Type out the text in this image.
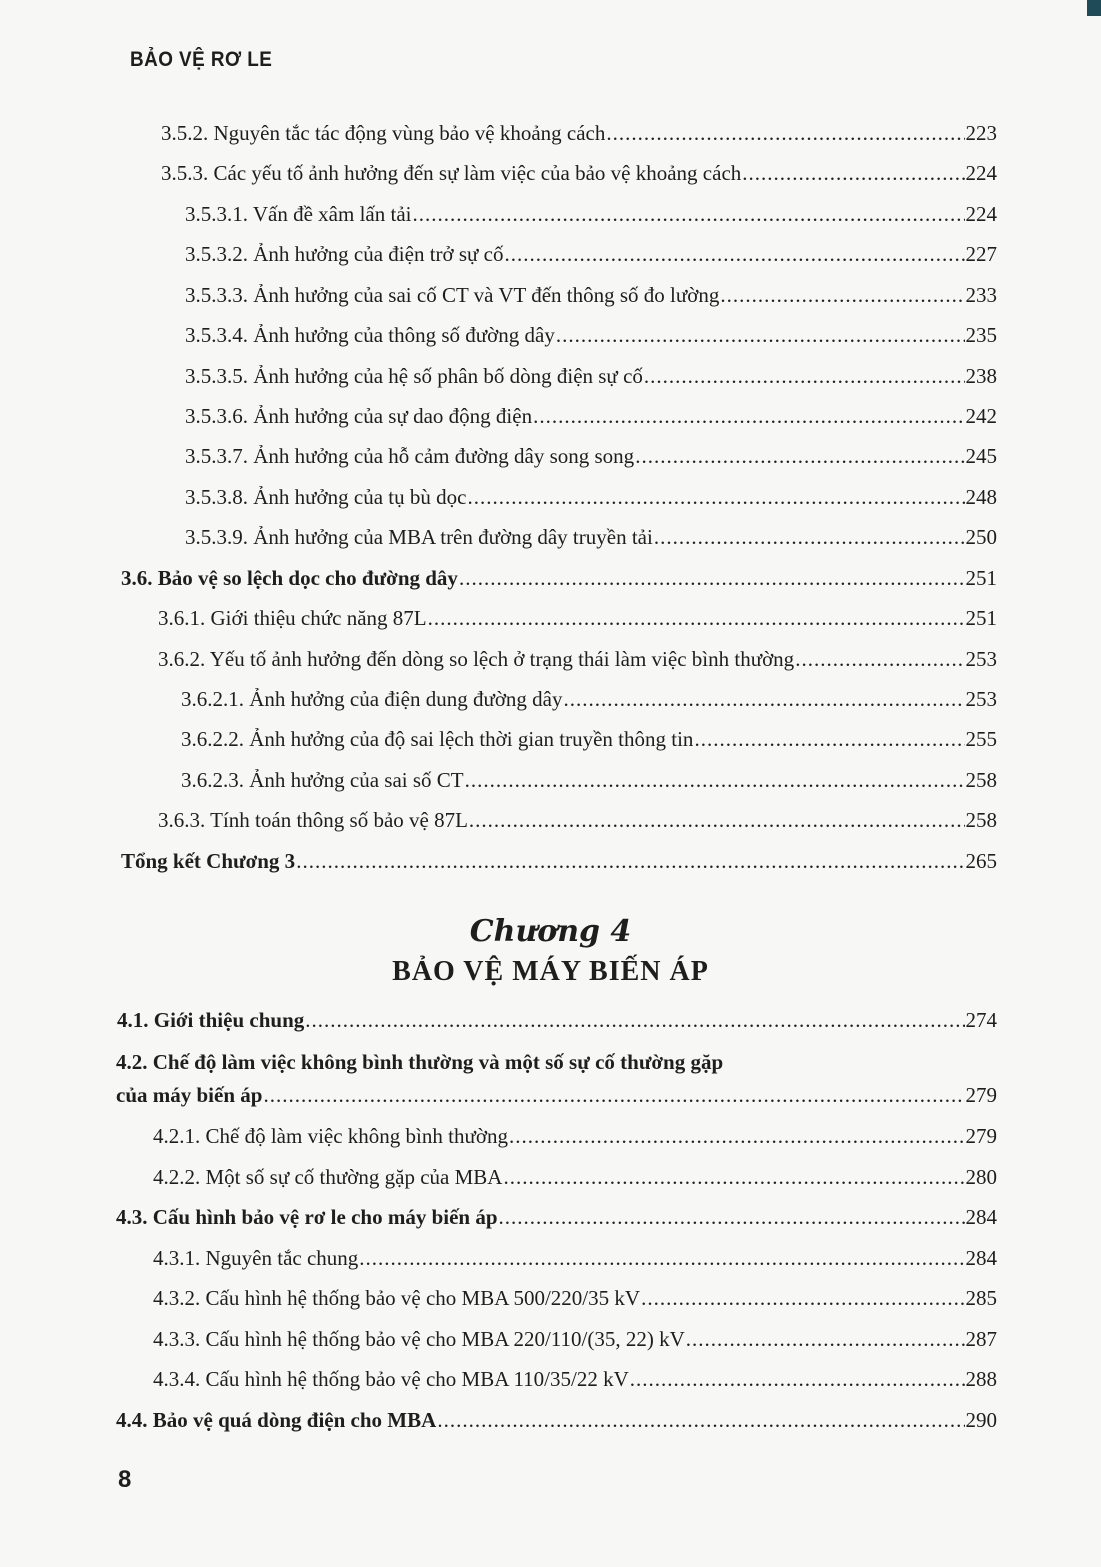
BẢO VỆ RƠ LE
3.5.2. Nguyên tắc tác động vùng bảo vệ khoảng cách .....	223
3.5.3. Các yếu tố ảnh hưởng đến sự làm việc của bảo vệ khoảng cách .....	224
3.5.3.1. Vấn đề xâm lấn tải .....	224
3.5.3.2. Ảnh hưởng của điện trở sự cố .....	227
3.5.3.3. Ảnh hưởng của sai cố CT và VT đến thông số đo lường .....	233
3.5.3.4. Ảnh hưởng của thông số đường dây .....	235
3.5.3.5. Ảnh hưởng của hệ số phân bố dòng điện sự cố .....	238
3.5.3.6. Ảnh hưởng của sự dao động điện .....	242
3.5.3.7. Ảnh hưởng của hỗ cảm đường dây song song .....	245
3.5.3.8. Ảnh hưởng của tụ bù dọc .....	248
3.5.3.9. Ảnh hưởng của MBA trên đường dây truyền tải .....	250
3.6. Bảo vệ so lệch dọc cho đường dây .....	251
3.6.1. Giới thiệu chức năng 87L .....	251
3.6.2. Yếu tố ảnh hưởng đến dòng so lệch ở trạng thái làm việc bình thường .....	253
3.6.2.1. Ảnh hưởng của điện dung đường dây .....	253
3.6.2.2. Ảnh hưởng của độ sai lệch thời gian truyền thông tin .....	255
3.6.2.3. Ảnh hưởng của sai số CT .....	258
3.6.3. Tính toán thông số bảo vệ 87L .....	258
Tổng kết Chương 3 .....	265
Chương 4
BẢO VỆ MÁY BIẾN ÁP
4.1. Giới thiệu chung .....	274
4.2. Chế độ làm việc không bình thường và một số sự cố thường gặp
của máy biến áp .....	279
4.2.1. Chế độ làm việc không bình thường .....	279
4.2.2. Một số sự cố thường gặp của MBA .....	280
4.3. Cấu hình bảo vệ rơ le cho máy biến áp .....	284
4.3.1. Nguyên tắc chung .....	284
4.3.2. Cấu hình hệ thống bảo vệ cho MBA 500/220/35 kV .....	285
4.3.3. Cấu hình hệ thống bảo vệ cho MBA 220/110/(35, 22) kV .....	287
4.3.4. Cấu hình hệ thống bảo vệ cho MBA 110/35/22 kV .....	288
4.4. Bảo vệ quá dòng điện cho MBA .....	290
8
